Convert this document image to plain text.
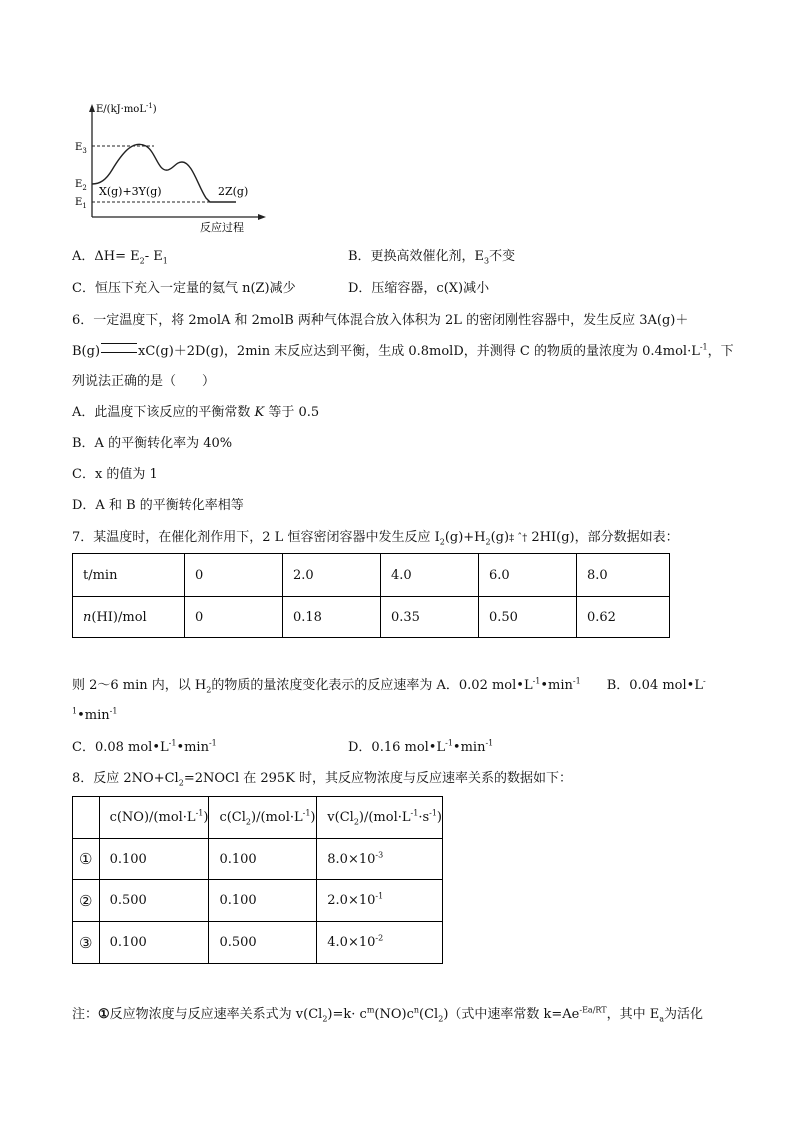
E/(kJ·moL$^{-1}$)
$E_3$
$E_2$
$E_1$
X(g)+3Y(g)	2Z(g)
反应过程
A．$\Delta H= E_2-$ $E_1$	B．更换高效催化剂，$E_3$不变
C．恒压下充入一定量的氦气 n(Z)减少	D．压缩容器，c(X)减小
6．一定温度下，将 2molA 和 2molB 两种气体混合放入体积为 2L 的密闭刚性容器中，发生反应 3A(g)＋
B(g)	xC(g)＋2D(g)，2min 末反应达到平衡，生成 0.8molD，并测得 C 的物质的量浓度为 $0.4mol\cdot L^{-1}$，下
列说法正确的是（　　）
A．此温度下该反应的平衡常数 K 等于 0.5
B．A 的平衡转化率为 40%
C．x 的值为 1
D．A 和 B 的平衡转化率相等
7．某温度时，在催化剂作用下，2 L 恒容密闭容器中发生反应 $I_2(g)+H_2(g)\ddagger$ ˆ† 2HI(g)，部分数据如表：
t/min	0	2.0	4.0	6.0	8.0
n(HI)/mol	0	0.18	0.35	0.50	0.62
则 2～6 min 内，以 $H_2$的物质的量浓度变化表示的反应速率为 A．0.02 $mol•L^{-1}•\min^{-1}$　　B．0.04 mol•L-
$^1•\min^{-1}$
C．0.08 $mol•L^{-1}•\min^{-1}$	D．0.16 $mol•L^{-1}•\min^{-1}$
8．反应 $2NO+Cl_2=2NOCl$ 在 295K 时，其反应物浓度与反应速率关系的数据如下：
	$c(NO)/(mol\cdot L^{-1})$	$c(Cl_2)/(mol\cdot L^{-1})$	$v(Cl_2)/(mol\cdot L^{-1}\cdot s^{-1})$
①	0.100	0.100	$8.0\times 10^{-3}$
②	0.500	0.100	$2.0\times 10^{-1}$
③	0.100	0.500	$4.0\times 10^{-2}$
注：①反应物浓度与反应速率关系式为 $v(Cl_2)=k\cdot c^m(NO)c^n(Cl_2)$（式中速率常数 $k=Ae^{-Ea/RT}$，其中 $E_a$为活化
